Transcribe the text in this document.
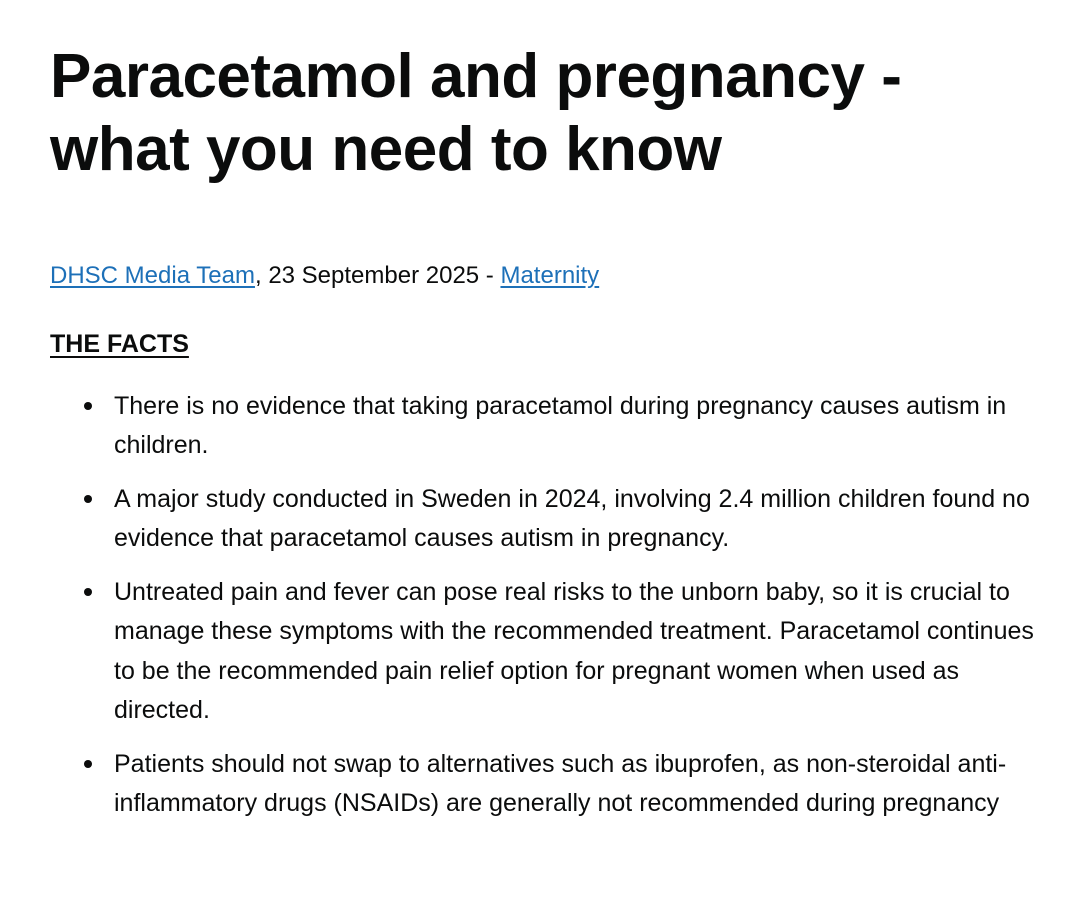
Paracetamol and pregnancy - what you need to know
DHSC Media Team, 23 September 2025 - Maternity
THE FACTS
There is no evidence that taking paracetamol during pregnancy causes autism in children.
A major study conducted in Sweden in 2024, involving 2.4 million children found no evidence that paracetamol causes autism in pregnancy.
Untreated pain and fever can pose real risks to the unborn baby, so it is crucial to manage these symptoms with the recommended treatment. Paracetamol continues to be the recommended pain relief option for pregnant women when used as directed.
Patients should not swap to alternatives such as ibuprofen, as non-steroidal anti-inflammatory drugs (NSAIDs) are generally not recommended during pregnancy
